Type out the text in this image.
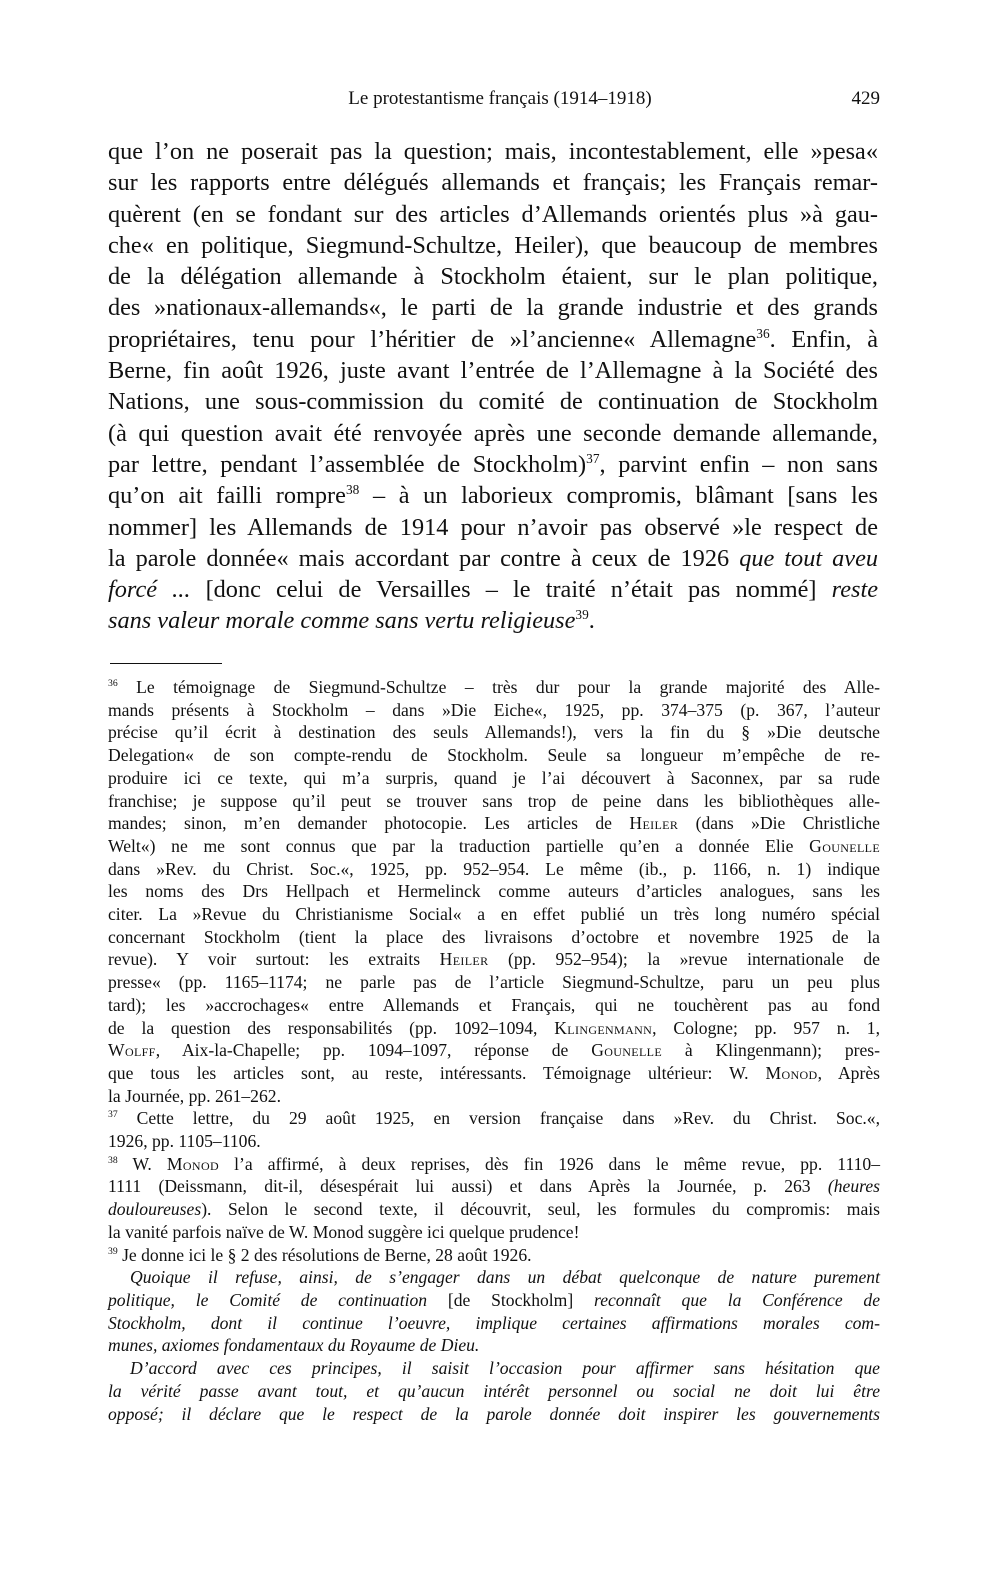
Le protestantisme français (1914–1918)	429
que l’on ne poserait pas la question; mais, incontestablement, elle »pesa«
sur les rapports entre délégués allemands et français; les Français remar-
quèrent (en se fondant sur des articles d’Allemands orientés plus »à gau-
che« en politique, Siegmund-Schultze, Heiler), que beaucoup de membres
de la délégation allemande à Stockholm étaient, sur le plan politique,
des »nationaux-allemands«, le parti de la grande industrie et des grands
propriétaires, tenu pour l’héritier de »l’ancienne« Allemagne$^{36}$. Enfin, à
Berne, fin août 1926, juste avant l’entrée de l’Allemagne à la Société des
Nations, une sous-commission du comité de continuation de Stockholm
(à qui question avait été renvoyée après une seconde demande allemande,
par lettre, pendant l’assemblée de Stockholm)$^{37}$, parvint enfin – non sans
qu’on ait failli rompre$^{38}$ – à un laborieux compromis, blâmant [sans les
nommer] les Allemands de 1914 pour n’avoir pas observé »le respect de
la parole donnée« mais accordant par contre à ceux de 1926 que tout aveu
forcé ... [donc celui de Versailles – le traité n’était pas nommé] reste
sans valeur morale comme sans vertu religieuse$^{39}$.
$^{36}$ Le témoignage de Siegmund-Schultze – très dur pour la grande majorité des Alle-
mands présents à Stockholm – dans »Die Eiche«, 1925, pp. 374–375 (p. 367, l’auteur
précise qu’il écrit à destination des seuls Allemands!), vers la fin du § »Die deutsche
Delegation« de son compte-rendu de Stockholm. Seule sa longueur m’empêche de re-
produire ici ce texte, qui m’a surpris, quand je l’ai découvert à Saconnex, par sa rude
franchise; je suppose qu’il peut se trouver sans trop de peine dans les bibliothèques alle-
mandes; sinon, m’en demander photocopie. Les articles de Heiler (dans »Die Christliche
Welt«) ne me sont connus que par la traduction partielle qu’en a donnée Elie Gounelle
dans »Rev. du Christ. Soc.«, 1925, pp. 952–954. Le même (ib., p. 1166, n. 1) indique
les noms des Drs Hellpach et Hermelinck comme auteurs d’articles analogues, sans les
citer. La »Revue du Christianisme Social« a en effet publié un très long numéro spécial
concernant Stockholm (tient la place des livraisons d’octobre et novembre 1925 de la
revue). Y voir surtout: les extraits Heiler (pp. 952–954); la »revue internationale de
presse« (pp. 1165–1174; ne parle pas de l’article Siegmund-Schultze, paru un peu plus
tard); les »accrochages« entre Allemands et Français, qui ne touchèrent pas au fond
de la question des responsabilités (pp. 1092–1094, Klingenmann, Cologne; pp. 957 n. 1,
Wolff, Aix-la-Chapelle; pp. 1094–1097, réponse de Gounelle à Klingenmann); pres-
que tous les articles sont, au reste, intéressants. Témoignage ultérieur: W. Monod, Après
la Journée, pp. 261–262.
$^{37}$ Cette lettre, du 29 août 1925, en version française dans »Rev. du Christ. Soc.«,
1926, pp. 1105–1106.
$^{38}$ W. Monod l’a affirmé, à deux reprises, dès fin 1926 dans le même revue, pp. 1110–
1111 (Deissmann, dit-il, désespérait lui aussi) et dans Après la Journée, p. 263 (heures
douloureuses). Selon le second texte, il découvrit, seul, les formules du compromis: mais
la vanité parfois naïve de W. Monod suggère ici quelque prudence!
$^{39}$ Je donne ici le § 2 des résolutions de Berne, 28 août 1926.
Quoique il refuse, ainsi, de s’engager dans un débat quelconque de nature purement
politique, le Comité de continuation [de Stockholm] reconnaît que la Conférence de
Stockholm, dont il continue l’oeuvre, implique certaines affirmations morales com-
munes, axiomes fondamentaux du Royaume de Dieu.
D’accord avec ces principes, il saisit l’occasion pour affirmer sans hésitation que
la vérité passe avant tout, et qu’aucun intérêt personnel ou social ne doit lui être
opposé; il déclare que le respect de la parole donnée doit inspirer les gouvernements
